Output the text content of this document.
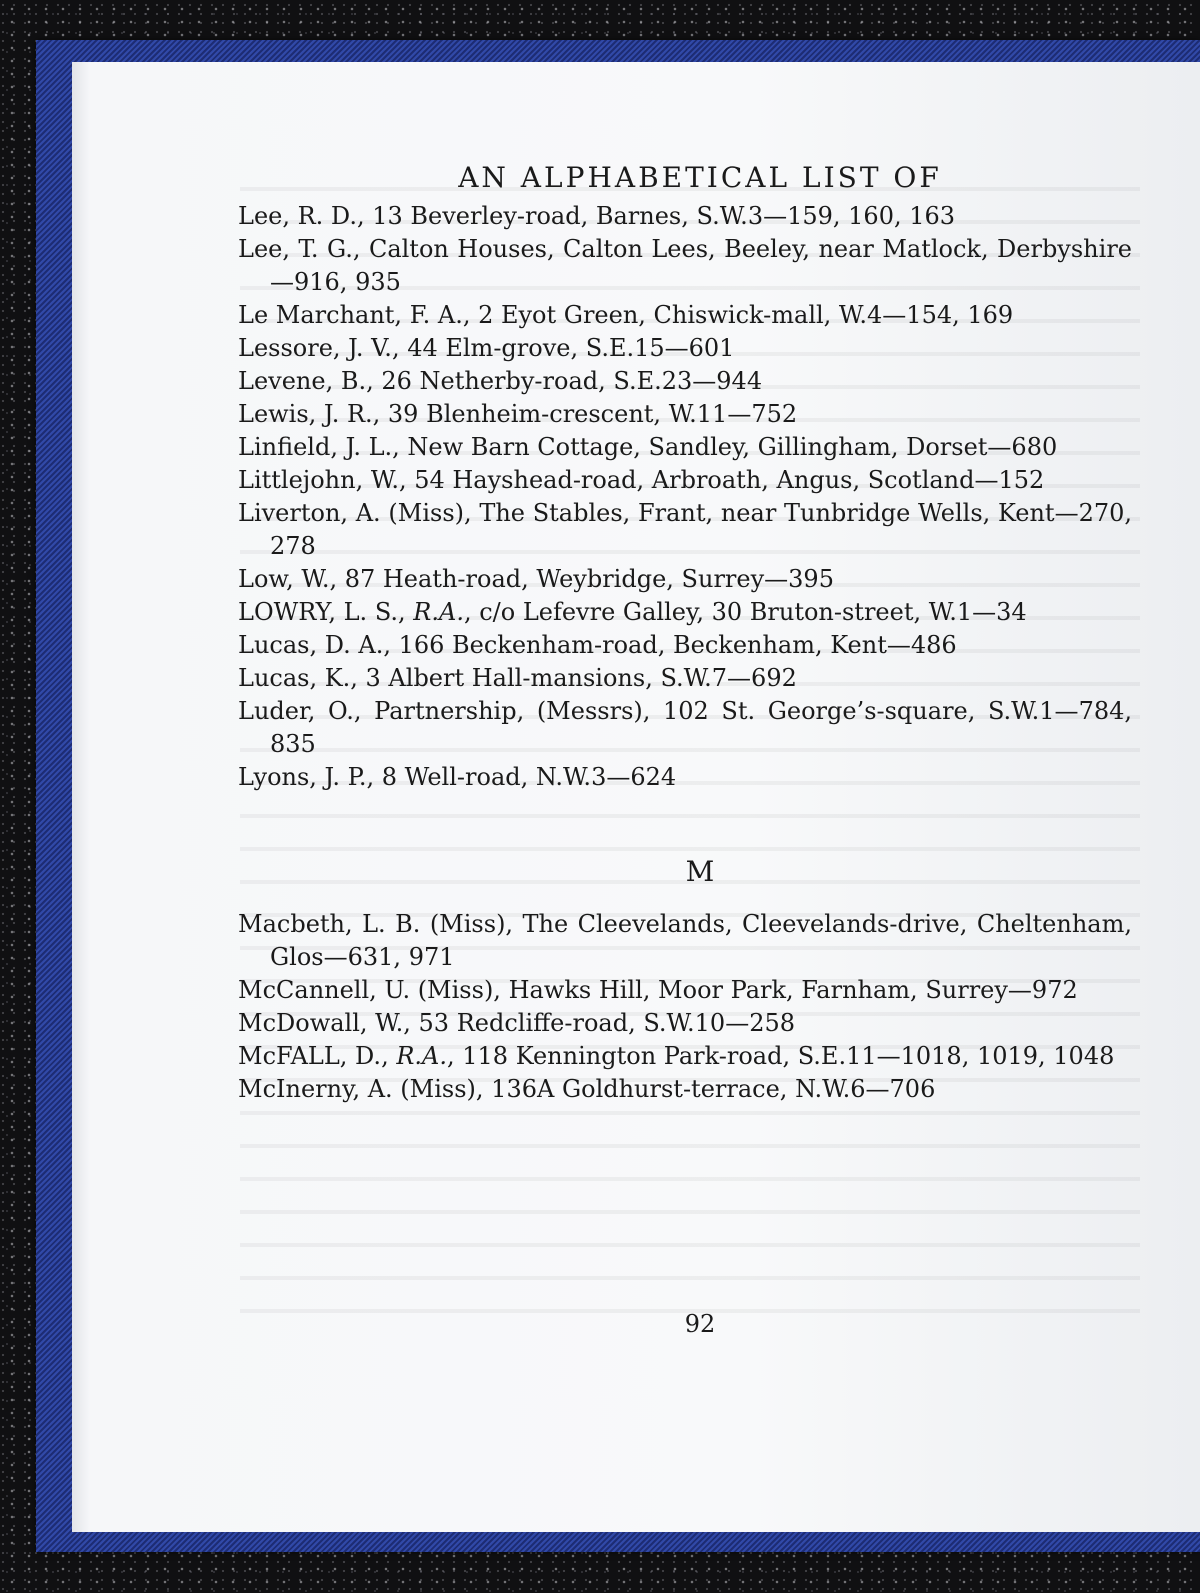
AN ALPHABETICAL LIST OF

Lee, R. D., 13 Beverley-road, Barnes, S.W.3—159, 160, 163

Lee, T. G., Calton Houses, Calton Lees, Beeley, near Matlock, Derbyshire—916, 935

Le Marchant, F. A., 2 Eyot Green, Chiswick-mall, W.4—154, 169

Lessore, J. V., 44 Elm-grove, S.E.15—601

Levene, B., 26 Netherby-road, S.E.23—944

Lewis, J. R., 39 Blenheim-crescent, W.11—752

Linfield, J. L., New Barn Cottage, Sandley, Gillingham, Dorset—680

Littlejohn, W., 54 Hayshead-road, Arbroath, Angus, Scotland—152

Liverton, A. (Miss), The Stables, Frant, near Tunbridge Wells, Kent—270, 278

Low, W., 87 Heath-road, Weybridge, Surrey—395

LOWRY, L. S., R.A., c/o Lefevre Galley, 30 Bruton-street, W.1—34

Lucas, D. A., 166 Beckenham-road, Beckenham, Kent—486

Lucas, K., 3 Albert Hall-mansions, S.W.7—692

Luder, O., Partnership, (Messrs), 102 St. George’s-square, S.W.1—784, 835

Lyons, J. P., 8 Well-road, N.W.3—624

M

Macbeth, L. B. (Miss), The Cleevelands, Cleevelands-drive, Cheltenham, Glos—631, 971

McCannell, U. (Miss), Hawks Hill, Moor Park, Farnham, Surrey—972

McDowall, W., 53 Redcliffe-road, S.W.10—258

McFALL, D., R.A., 118 Kennington Park-road, S.E.11—1018, 1019, 1048

McInerny, A. (Miss), 136A Goldhurst-terrace, N.W.6—706

92
